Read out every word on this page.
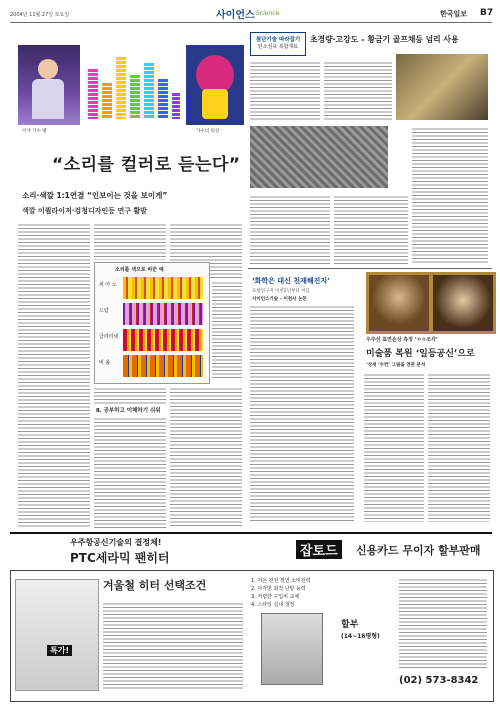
2004년 11월 27일 토요일	사이언스 Science	한국일보 B7
이색 가수 멜	가수의 의상
“소리를 컬러로 듣는다”
소리·색깔 1:1연결 “인보이는 것을 보이게”
색깔 이퀄라이저·검청디자인등 연구 활발
소리를 색으로 바꾼 예
피 아 노
드럼
클라리넷
비 올
Ⅱ. 공부하고 이해하기 쉬워
첨단기술 따라잡기
탄소섬유 복합재료
초경량·고강도 – 황금기 골프채등 넘리 사용
‘화학은 대신 천재해진지’
포항연구지 이천2년부터 이름
사이언스기술 – 이천사 논문
우주선 표면손상 측정 ‘ㅇㅇ조각’
미술품 복원 ‘일등공신’으로
‘상세 ‘수련’ 그림을 연관 분석
우주항공신기술의 결정체!
PTC세라믹 팬히터	잡토드	신용카드 무이자 할부판매
겨울철 히터 선택조건	1. 저온 전원 절연 소비전력
2. 사각방 최적 난방 능력
3. 저렴한 구입비 교체
4. 스타일 실내 청정
특가!
할부
(14~16평형)
(02) 573-8342
